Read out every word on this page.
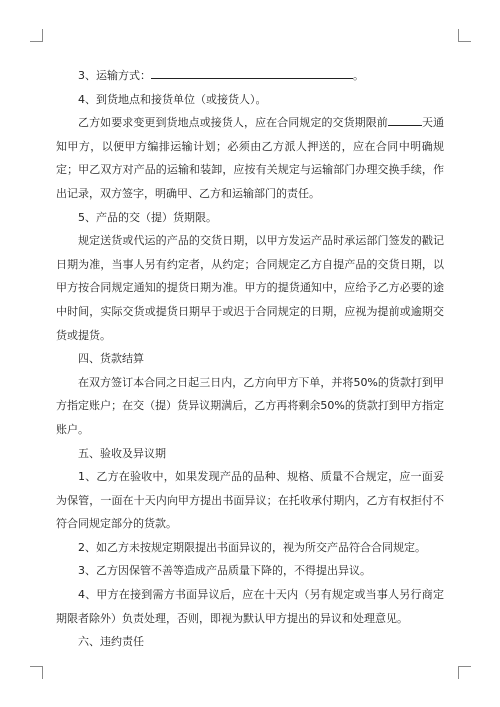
3、运输方式：	。

4、到货地点和接货单位（或接货人）。

乙方如要求变更到货地点或接货人，应在合同规定的交货期限前	天通知甲方，以便甲方编排运输计划；必须由乙方派人押送的，应在合同中明确规定；甲乙双方对产品的运输和装卸，应按有关规定与运输部门办理交换手续，作出记录，双方签字，明确甲、乙方和运输部门的责任。

5、产品的交（提）货期限。

规定送货或代运的产品的交货日期，以甲方发运产品时承运部门签发的戳记日期为准，当事人另有约定者，从约定；合同规定乙方自提产品的交货日期，以甲方按合同规定通知的提货日期为准。甲方的提货通知中，应给予乙方必要的途中时间，实际交货或提货日期早于或迟于合同规定的日期，应视为提前或逾期交货或提货。

四、货款结算

在双方签订本合同之日起三日内，乙方向甲方下单，并将50%的货款打到甲方指定账户；在交（提）货异议期满后，乙方再将剩余50%的货款打到甲方指定账户。

五、验收及异议期

1、乙方在验收中，如果发现产品的品种、规格、质量不合规定，应一面妥为保管，一面在十天内向甲方提出书面异议；在托收承付期内，乙方有权拒付不符合同规定部分的货款。

2、如乙方未按规定期限提出书面异议的，视为所交产品符合合同规定。

3、乙方因保管不善等造成产品质量下降的，不得提出异议。

4、甲方在接到需方书面异议后，应在十天内（另有规定或当事人另行商定期限者除外）负责处理，否则，即视为默认甲方提出的异议和处理意见。

六、违约责任
